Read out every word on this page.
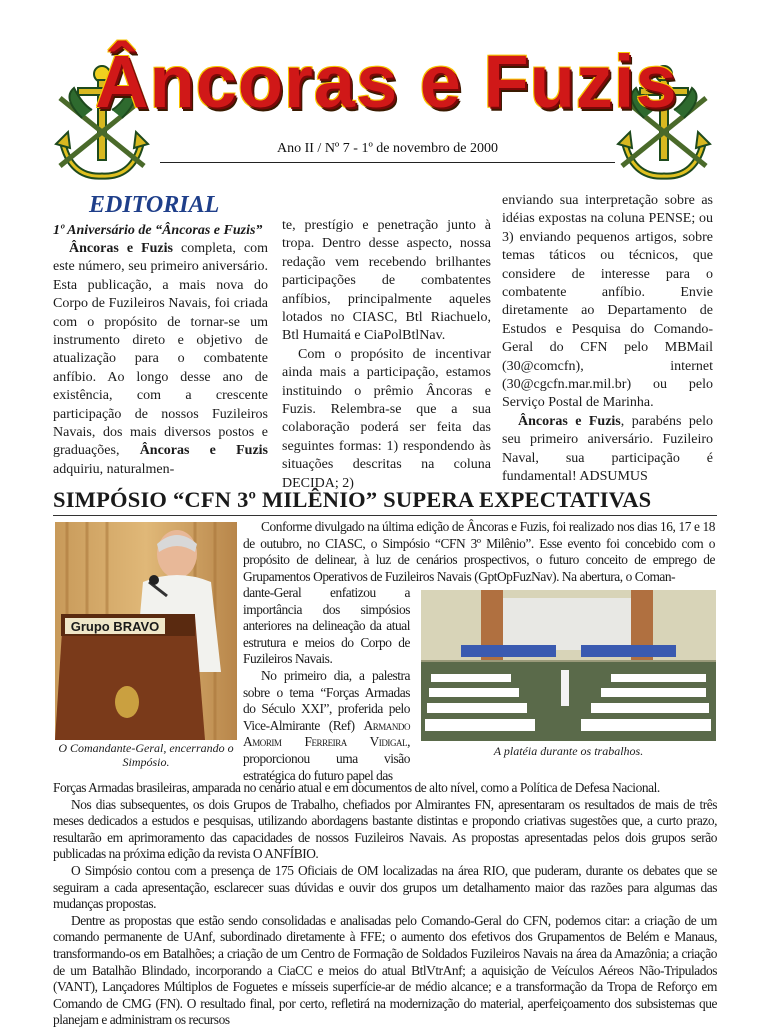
Âncoras e Fuzis
Ano II / Nº 7 - 1º de novembro de 2000
EDITORIAL

1º Aniversário de “Âncoras e Fuzis”

Âncoras e Fuzis completa, com este número, seu primeiro aniversário. Esta publicação, a mais nova do Corpo de Fuzileiros Navais, foi criada com o propósito de tornar-se um instrumento direto e objetivo de atualização para o combatente anfíbio. Ao longo desse ano de existência, com a crescente participação de nossos Fuzileiros Navais, dos mais diversos postos e graduações, Âncoras e Fuzis adquiriu, naturalmen-

te, prestígio e penetração junto à tropa. Dentro desse aspecto, nossa redação vem recebendo brilhantes participações de combatentes anfíbios, principalmente aqueles lotados no CIASC, Btl Riachuelo, Btl Humaitá e CiaPolBtlNav.

Com o propósito de incentivar ainda mais a participação, estamos instituindo o prêmio Âncoras e Fuzis. Relembra-se que a sua colaboração poderá ser feita das seguintes formas: 1) respondendo às situações descritas na coluna DECIDA; 2)

enviando sua interpretação sobre as idéias expostas na coluna PENSE; ou 3) enviando pequenos artigos, sobre temas táticos ou técnicos, que considere de interesse para o combatente anfíbio. Envie diretamente ao Departamento de Estudos e Pesquisa do Comando-Geral do CFN pelo MBMail (30@comcfn), internet (30@cgcfn.mar.mil.br) ou pelo Serviço Postal de Marinha.

Âncoras e Fuzis, parabéns pelo seu primeiro aniversário. Fuzileiro Naval, sua participação é fundamental! ADSUMUS

SIMPÓSIO “CFN 3º MILÊNIO” SUPERA EXPECTATIVAS
Grupo BRAVO
O Comandante-Geral, encerrando o Simpósio.
A platéia durante os trabalhos.

Conforme divulgado na última edição de Âncoras e Fuzis, foi realizado nos dias 16, 17 e 18 de outubro, no CIASC, o Simpósio “CFN 3º Milênio”. Esse evento foi concebido com o propósito de delinear, à luz de cenários prospectivos, o futuro conceito de emprego de Grupamentos Operativos de Fuzileiros Navais (GptOpFuzNav). Na abertura, o Coman-

dante-Geral enfatizou a importância dos simpósios anteriores na delineação da atual estrutura e meios do Corpo de Fuzileiros Navais.

No primeiro dia, a palestra sobre o tema “Forças Armadas do Século XXI”, proferida pelo Vice-Almirante (Ref) Armando Amorim Ferreira Vidigal, proporcionou uma visão estratégica do futuro papel das

Forças Armadas brasileiras, amparada no cenário atual e em documentos de alto nível, como a Política de Defesa Nacional.

Nos dias subsequentes, os dois Grupos de Trabalho, chefiados por Almirantes FN, apresentaram os resultados de mais de três meses dedicados a estudos e pesquisas, utilizando abordagens bastante distintas e propondo criativas sugestões que, a curto prazo, resultarão em aprimoramento das capacidades de nossos Fuzileiros Navais. As propostas apresentadas pelos dois grupos serão publicadas na próxima edição da revista O ANFÍBIO.

O Simpósio contou com a presença de 175 Oficiais de OM localizadas na área RIO, que puderam, durante os debates que se seguiram a cada apresentação, esclarecer suas dúvidas e ouvir dos grupos um detalhamento maior das razões para algumas das mudanças propostas.

Dentre as propostas que estão sendo consolidadas e analisadas pelo Comando-Geral do CFN, podemos citar: a criação de um comando permanente de UAnf, subordinado diretamente à FFE; o aumento dos efetivos dos Grupamentos de Belém e Manaus, transformando-os em Batalhões; a criação de um Centro de Formação de Soldados Fuzileiros Navais na área da Amazônia; a criação de um Batalhão Blindado, incorporando a CiaCC e meios do atual BtlVtrAnf; a aquisição de Veículos Aéreos Não-Tripulados (VANT), Lançadores Múltiplos de Foguetes e mísseis superfície-ar de médio alcance; e a transformação da Tropa de Reforço em Comando de CMG (FN). O resultado final, por certo, refletirá na modernização do material, aperfeiçoamento dos subsistemas que planejam e administram os recursos
